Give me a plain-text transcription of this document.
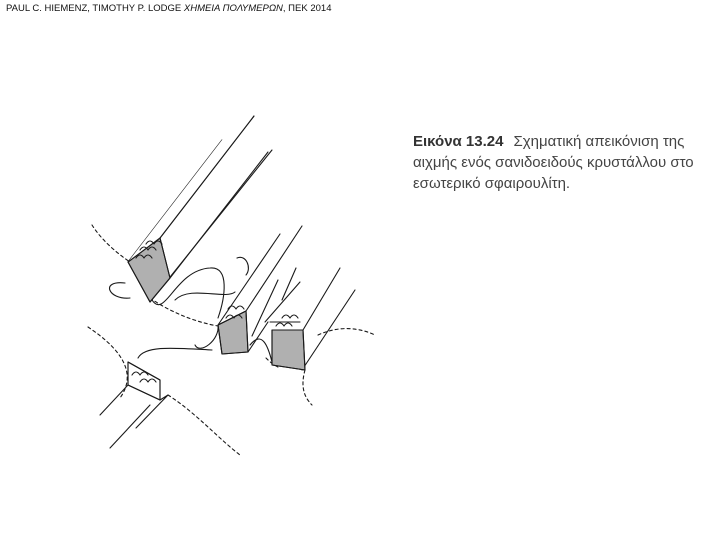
PAUL C. HIEMENZ, TIMOTHY P. LODGE ΧΗΜΕΙΑ ΠΟΛΥΜΕΡΩΝ, ΠΕΚ 2014
Εικόνα 13.24 Σχηματική απεικόνιση της αιχμής ενός σανιδοειδούς κρυστάλλου στο εσωτερικό σφαιρουλίτη.
